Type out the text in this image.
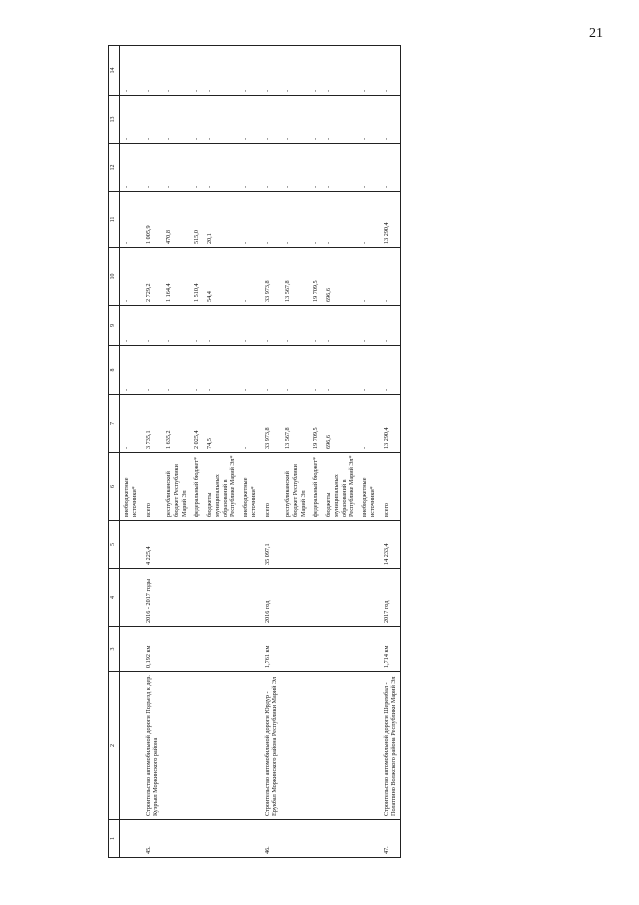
21
1	2	3	4	5	6	7	8	9	10	11	12	13	14
					внебюджетные источники*	-	-	-	-	-	-	-	-
45.	Строительство автомобильной дороги Подъезд к дер. Куэръял Моркинского района	0,192 км	2016 - 2017 годы	4 225,4	всего	3 735,1	-	-	2 729,2	1 005,9	-	-	-
					республиканский бюджет Республики Марий Эл	1 635,2	-	-	1 164,4	470,8	-	-	-
					федеральный бюджет*	2 025,4	-	-	1 510,4	515,0	-	-	-
					бюджеты муниципальных образований в Республике Марий Эл*	74,5	-	-	54,4	20,1	-	-	-
					внебюджетные источники*	-	-	-	-	-	-	-	-
46.	Строительство автомобильной дороги Юрдур - Ерукбал Моркинского района Республики Марий Эл	1,761 км	2016 год	35 097,1	всего	33 973,8	-	-	33 973,8	-	-	-	-
					республиканский бюджет Республики Марий Эл	13 567,8	-	-	13 567,8	-	-	-	-
					федеральный бюджет*	19 709,5	-	-	19 709,5	-	-	-	-
					бюджеты муниципальных образований в Республике Марий Эл*	696,6	-	-	696,6	-	-	-	-
					внебюджетные источники*	-	-	-	-	-	-	-	-
47.	Строительство автомобильной дороги Шерембал - Полатпино Волжского района Республики Марий Эл	1,714 км	2017 год	14 233,4	всего	13 290,4	-	-	-	13 290,4	-	-	-
